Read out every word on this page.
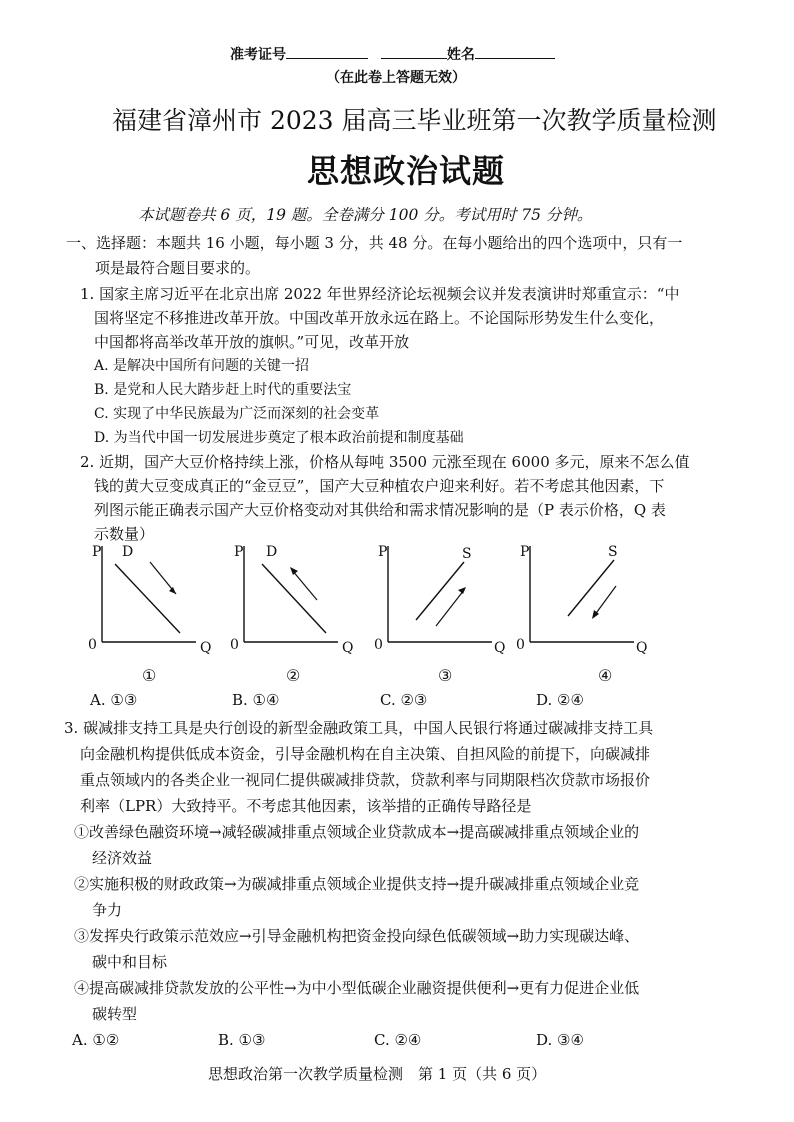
准考证号	姓名
（在此卷上答题无效）
福建省漳州市 2023 届高三毕业班第一次教学质量检测
思想政治试题
本试题卷共 6 页，19 题。全卷满分 100 分。考试用时 75 分钟。
一、选择题：本题共 16 小题，每小题 3 分，共 48 分。在每小题给出的四个选项中，只有一
项是最符合题目要求的。
1. 国家主席习近平在北京出席 2022 年世界经济论坛视频会议并发表演讲时郑重宣示：“中
国将坚定不移推进改革开放。中国改革开放永远在路上。不论国际形势发生什么变化，
中国都将高举改革开放的旗帜。”可见，改革开放
A. 是解决中国所有问题的关键一招
B. 是党和人民大踏步赶上时代的重要法宝
C. 实现了中华民族最为广泛而深刻的社会变革
D. 为当代中国一切发展进步奠定了根本政治前提和制度基础
2. 近期，国产大豆价格持续上涨，价格从每吨 3500 元涨至现在 6000 多元，原来不怎么值
钱的黄大豆变成真正的“金豆豆”，国产大豆种植农户迎来利好。若不考虑其他因素，下
列图示能正确表示国产大豆价格变动对其供给和需求情况影响的是（P 表示价格，Q 表
示数量）
P D
0	Q
①
P D
0	Q
②
P	S
0	Q
③
P	S
0	Q
④
A. ①③	B. ①④	C. ②③	D. ②④
3. 碳减排支持工具是央行创设的新型金融政策工具，中国人民银行将通过碳减排支持工具
向金融机构提供低成本资金，引导金融机构在自主决策、自担风险的前提下，向碳减排
重点领域内的各类企业一视同仁提供碳减排贷款，贷款利率与同期限档次贷款市场报价
利率（LPR）大致持平。不考虑其他因素，该举措的正确传导路径是
①改善绿色融资环境→减轻碳减排重点领域企业贷款成本→提高碳减排重点领域企业的
经济效益
②实施积极的财政政策→为碳减排重点领域企业提供支持→提升碳减排重点领域企业竞
争力
③发挥央行政策示范效应→引导金融机构把资金投向绿色低碳领域→助力实现碳达峰、
碳中和目标
④提高碳减排贷款发放的公平性→为中小型低碳企业融资提供便利→更有力促进企业低
碳转型
A. ①②	B. ①③	C. ②④	D. ③④
思想政治第一次教学质量检测　第 1 页（共 6 页）
